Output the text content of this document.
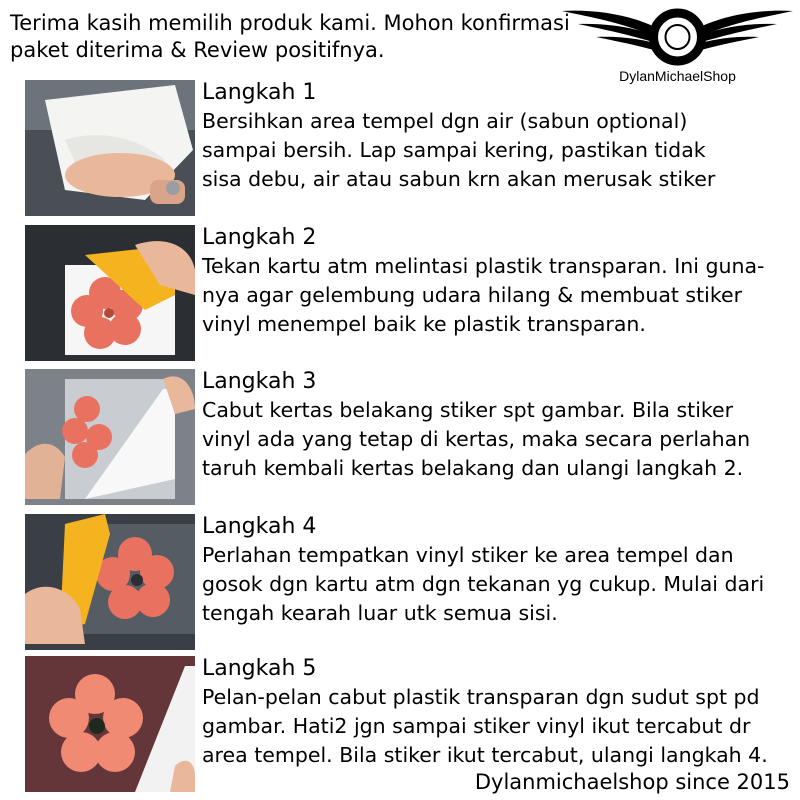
Terima kasih memilih produk kami. Mohon konfirmasi paket diterima & Review positifnya.
DylanMichaelShop
Langkah 1
Bersihkan area tempel dgn air (sabun optional)
sampai bersih. Lap sampai kering, pastikan tidak
sisa debu, air atau sabun krn akan merusak stiker
Langkah 2
Tekan kartu atm melintasi plastik transparan. Ini guna-
nya agar gelembung udara hilang & membuat stiker
vinyl menempel baik ke plastik transparan.
Langkah 3
Cabut kertas belakang stiker spt gambar. Bila stiker
vinyl ada yang tetap di kertas, maka secara perlahan
taruh kembali kertas belakang dan ulangi langkah 2.
Langkah 4
Perlahan tempatkan vinyl stiker ke area tempel dan
gosok dgn kartu atm dgn tekanan yg cukup. Mulai dari
tengah kearah luar utk semua sisi.
Langkah 5
Pelan-pelan cabut plastik transparan dgn sudut spt pd
gambar. Hati2 jgn sampai stiker vinyl ikut tercabut dr
area tempel. Bila stiker ikut tercabut, ulangi langkah 4.
Dylanmichaelshop since 2015
